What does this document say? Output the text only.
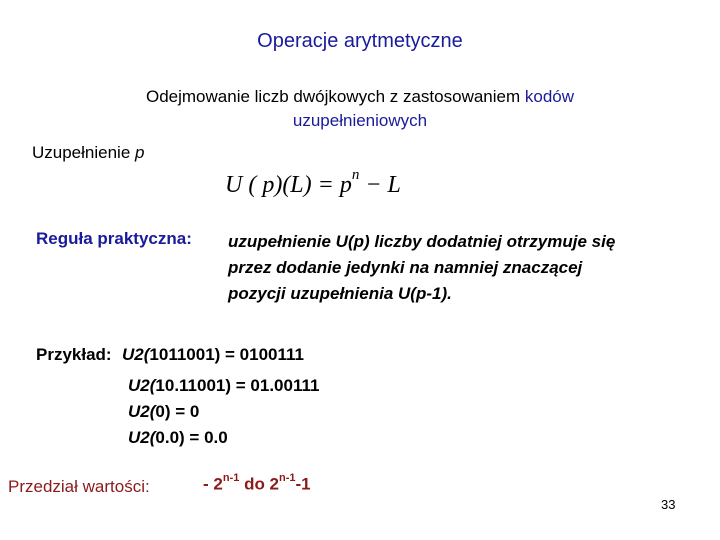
Operacje arytmetyczne
Odejmowanie liczb dwójkowych z zastosowaniem kodów
uzupełnieniowych
Uzupełnienie p
U ( $p)(L) = p^n - L$
Reguła praktyczna: uzupełnienie U(p) liczby dodatniej otrzymuje się
przez dodanie jedynki na namniej znaczącej
pozycji uzupełnienia U(p-1).
Przykład: U2(1011001) = 0100111
U2(10.11001) = 01.00111
U2(0) = 0
U2(0.0) = 0.0
Przedział wartości:	- 2$^{n-1}$ do 2$^{n-1}$-1
33
